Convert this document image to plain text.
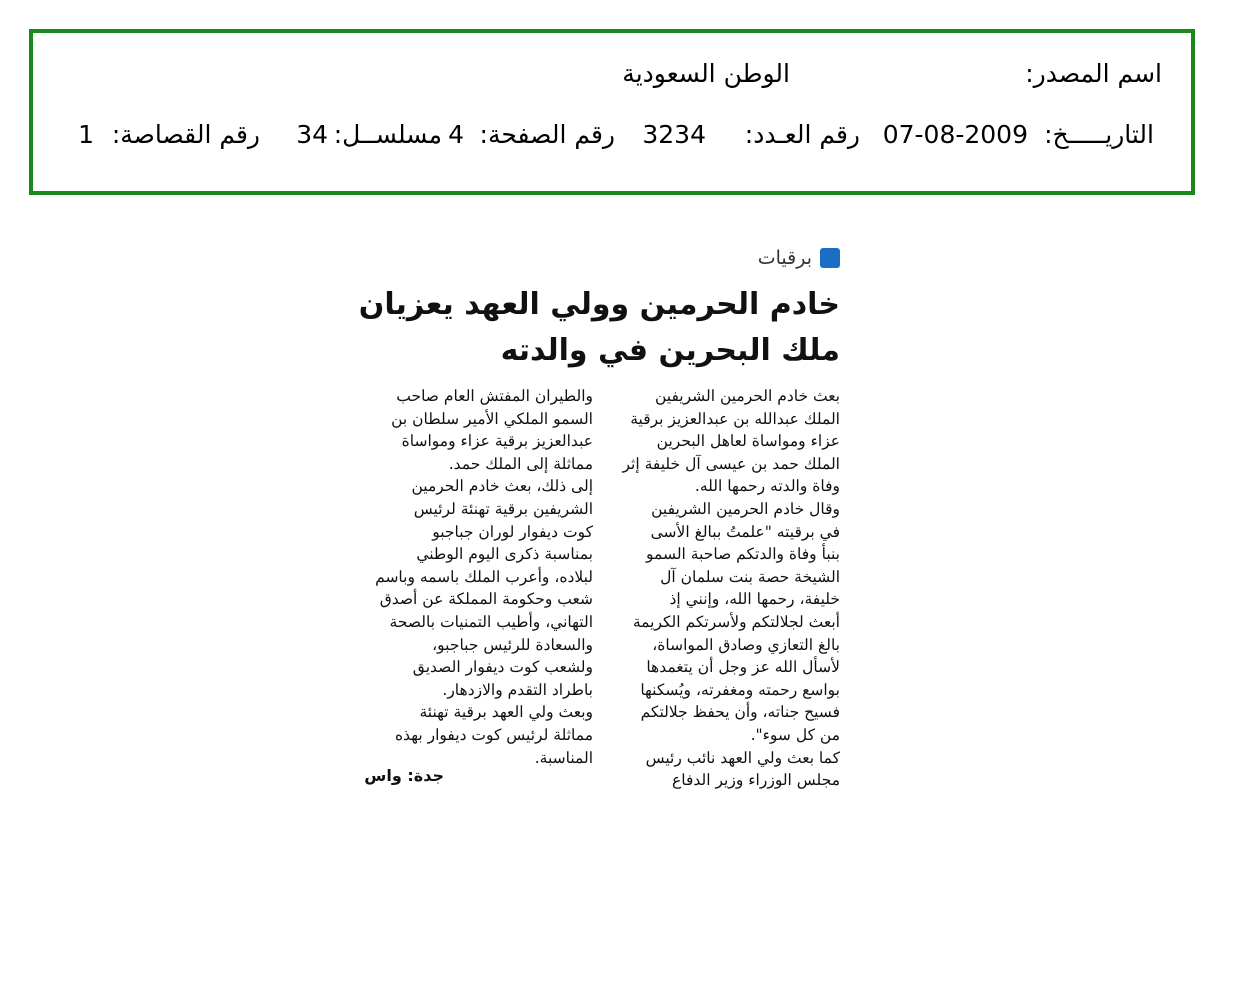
اسم المصدر:
الوطن السعودية
التاريـــــخ:
07-08-2009
رقم العـدد:
3234
رقم الصفحة:
4
مسلســل:
34
رقم القصاصة:
1
برقيات
خادم الحرمين وولي العهد يعزيان
ملك البحرين في والدته
بعث خادم الحرمين الشريفين
الملك عبدالله بن عبدالعزيز برقية
عزاء ومواساة لعاهل البحرين
الملك حمد بن عيسى آل خليفة إثر
وفاة والدته رحمها الله.
وقال خادم الحرمين الشريفين
في برقيته "علمتُ ببالغ الأسى
بنبأ وفاة والدتكم صاحبة السمو
الشيخة حصة بنت سلمان آل
خليفة، رحمها الله، وإنني إذ
أبعث لجلالتكم ولأسرتكم الكريمة
بالغ التعازي وصادق المواساة،
لأسأل الله عز وجل أن يتغمدها
بواسع رحمته ومغفرته، ويُسكنها
فسيح جناته، وأن يحفظ جلالتكم
من كل سوء".
كما بعث ولي العهد نائب رئيس
مجلس الوزراء وزير الدفاع
والطيران المفتش العام صاحب
السمو الملكي الأمير سلطان بن
عبدالعزيز برقية عزاء ومواساة
مماثلة إلى الملك حمد.
إلى ذلك، بعث خادم الحرمين
الشريفين برقية تهنئة لرئيس
كوت ديفوار لوران جباجبو
بمناسبة ذكرى اليوم الوطني
لبلاده، وأعرب الملك باسمه وباسم
شعب وحكومة المملكة عن أصدق
التهاني، وأطيب التمنيات بالصحة
والسعادة للرئيس جباجبو،
ولشعب كوت ديفوار الصديق
باطراد التقدم والازدهار.
وبعث ولي العهد برقية تهنئة
مماثلة لرئيس كوت ديفوار بهذه
المناسبة.
جدة: واس
